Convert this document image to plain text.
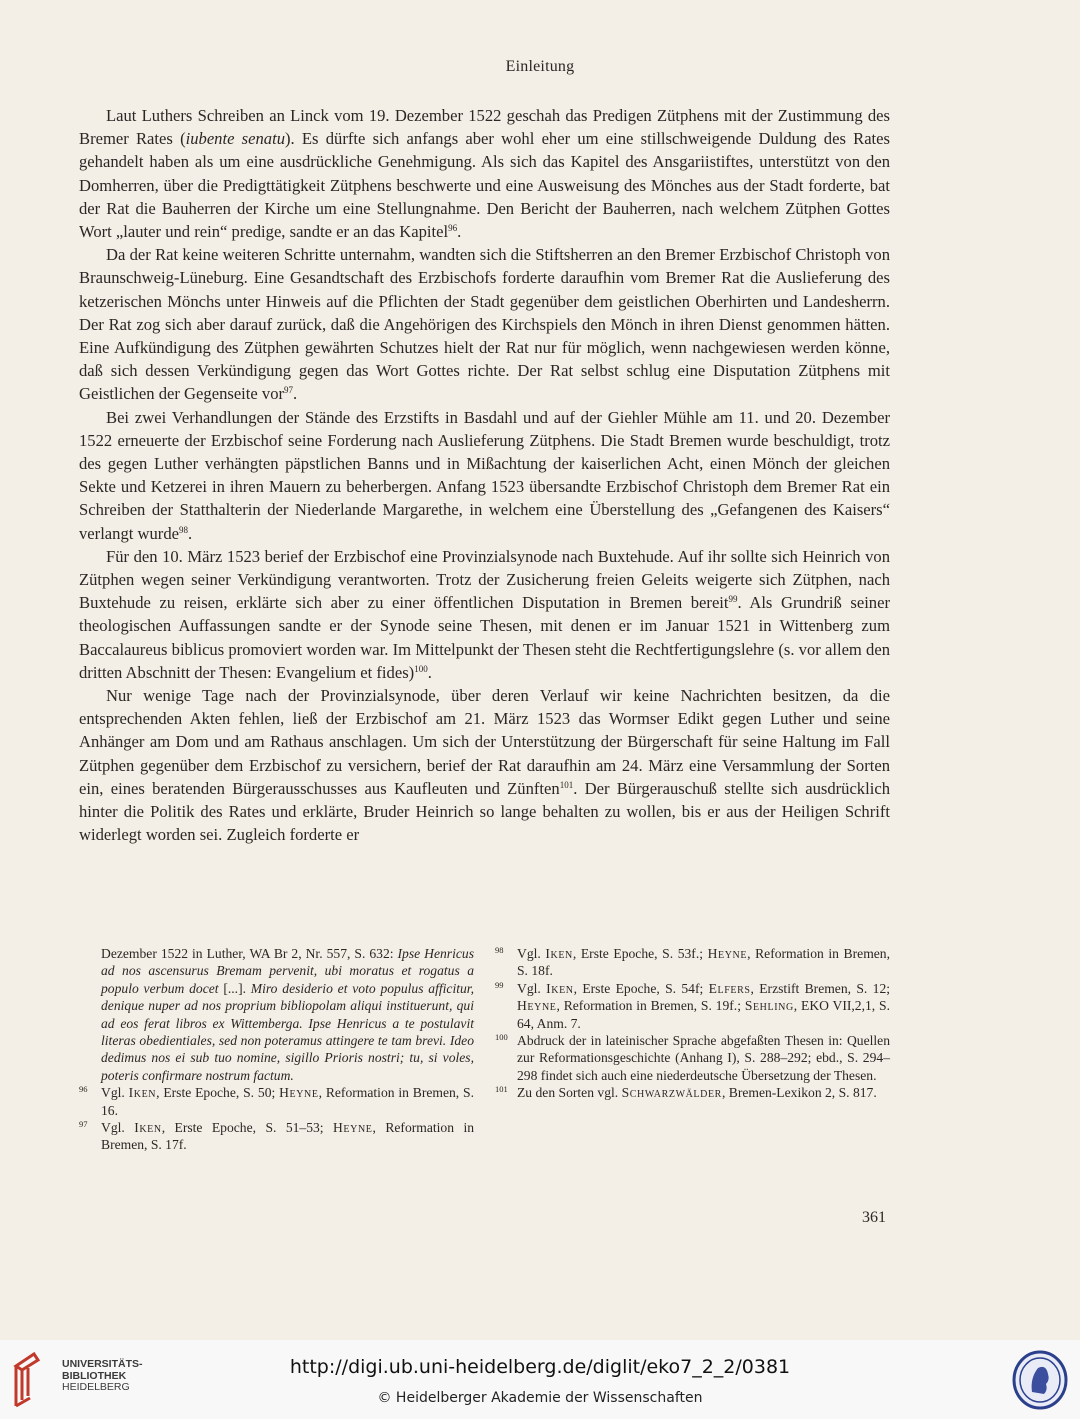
Einleitung

Laut Luthers Schreiben an Linck vom 19. Dezember 1522 geschah das Predigen Zütphens mit der Zustimmung des Bremer Rates (iubente senatu). Es dürfte sich anfangs aber wohl eher um eine stillschweigende Duldung des Rates gehandelt haben als um eine ausdrückliche Genehmigung. Als sich das Kapitel des Ansgariistiftes, unterstützt von den Domherren, über die Predigttätigkeit Zütphens beschwerte und eine Ausweisung des Mönches aus der Stadt forderte, bat der Rat die Bauherren der Kirche um eine Stellungnahme. Den Bericht der Bauherren, nach welchem Zütphen Gottes Wort „lauter und rein“ predige, sandte er an das Kapitel$^{96}$.

Da der Rat keine weiteren Schritte unternahm, wandten sich die Stiftsherren an den Bremer Erzbischof Christoph von Braunschweig-Lüneburg. Eine Gesandtschaft des Erzbischofs forderte daraufhin vom Bremer Rat die Auslieferung des ketzerischen Mönchs unter Hinweis auf die Pflichten der Stadt gegenüber dem geistlichen Oberhirten und Landesherrn. Der Rat zog sich aber darauf zurück, daß die Angehörigen des Kirchspiels den Mönch in ihren Dienst genommen hätten. Eine Aufkündigung des Zütphen gewährten Schutzes hielt der Rat nur für möglich, wenn nachgewiesen werden könne, daß sich dessen Verkündigung gegen das Wort Gottes richte. Der Rat selbst schlug eine Disputation Zütphens mit Geistlichen der Gegenseite vor$^{97}$.

Bei zwei Verhandlungen der Stände des Erzstifts in Basdahl und auf der Giehler Mühle am 11. und 20. Dezember 1522 erneuerte der Erzbischof seine Forderung nach Auslieferung Zütphens. Die Stadt Bremen wurde beschuldigt, trotz des gegen Luther verhängten päpstlichen Banns und in Mißachtung der kaiserlichen Acht, einen Mönch der gleichen Sekte und Ketzerei in ihren Mauern zu beherbergen. Anfang 1523 übersandte Erzbischof Christoph dem Bremer Rat ein Schreiben der Statthalterin der Niederlande Margarethe, in welchem eine Überstellung des „Gefangenen des Kaisers“ verlangt wurde$^{98}$.

Für den 10. März 1523 berief der Erzbischof eine Provinzialsynode nach Buxtehude. Auf ihr sollte sich Heinrich von Zütphen wegen seiner Verkündigung verantworten. Trotz der Zusicherung freien Geleits weigerte sich Zütphen, nach Buxtehude zu reisen, erklärte sich aber zu einer öffentlichen Disputation in Bremen bereit$^{99}$. Als Grundriß seiner theologischen Auffassungen sandte er der Synode seine Thesen, mit denen er im Januar 1521 in Wittenberg zum Baccalaureus biblicus promoviert worden war. Im Mittelpunkt der Thesen steht die Rechtfertigungslehre (s. vor allem den dritten Abschnitt der Thesen: Evangelium et fides)$^{100}$.

Nur wenige Tage nach der Provinzialsynode, über deren Verlauf wir keine Nachrichten besitzen, da die entsprechenden Akten fehlen, ließ der Erzbischof am 21. März 1523 das Wormser Edikt gegen Luther und seine Anhänger am Dom und am Rathaus anschlagen. Um sich der Unterstützung der Bürgerschaft für seine Haltung im Fall Zütphen gegenüber dem Erzbischof zu versichern, berief der Rat daraufhin am 24. März eine Versammlung der Sorten ein, eines beratenden Bürgerausschusses aus Kaufleuten und Zünften$^{101}$. Der Bürgerauschuß stellte sich ausdrücklich hinter die Politik des Rates und erklärte, Bruder Heinrich so lange behalten zu wollen, bis er aus der Heiligen Schrift widerlegt worden sei. Zugleich forderte er

Dezember 1522 in Luther, WA Br 2, Nr. 557, S. 632: Ipse Henricus ad nos ascensurus Bremam pervenit, ubi moratus et rogatus a populo verbum docet [...]. Miro desiderio et voto populus afficitur, denique nuper ad nos proprium bibliopolam aliqui instituerunt, qui ad eos ferat libros ex Wittemberga. Ipse Henricus a te postulavit literas obedientiales, sed non poteramus attingere te tam brevi. Ideo dedimus nos ei sub tuo nomine, sigillo Prioris nostri; tu, si voles, poteris confirmare nostrum factum.
96 Vgl. Iken, Erste Epoche, S. 50; Heyne, Reformation in Bremen, S. 16.
97 Vgl. Iken, Erste Epoche, S. 51–53; Heyne, Reformation in Bremen, S. 17f.
98 Vgl. Iken, Erste Epoche, S. 53f.; Heyne, Reformation in Bremen, S. 18f.
99 Vgl. Iken, Erste Epoche, S. 54f; Elfers, Erzstift Bremen, S. 12; Heyne, Reformation in Bremen, S. 19f.; Sehling, EKO VII,2,1, S. 64, Anm. 7.
100 Abdruck der in lateinischer Sprache abgefaßten Thesen in: Quellen zur Reformationsgeschichte (Anhang I), S. 288–292; ebd., S. 294–298 findet sich auch eine niederdeutsche Übersetzung der Thesen.
101 Zu den Sorten vgl. Schwarzwälder, Bremen-Lexikon 2, S. 817.
361
UNIVERSITÄTS-
BIBLIOTHEK
HEIDELBERG
http://digi.ub.uni-heidelberg.de/diglit/eko7_2_2/0381
© Heidelberger Akademie der Wissenschaften
